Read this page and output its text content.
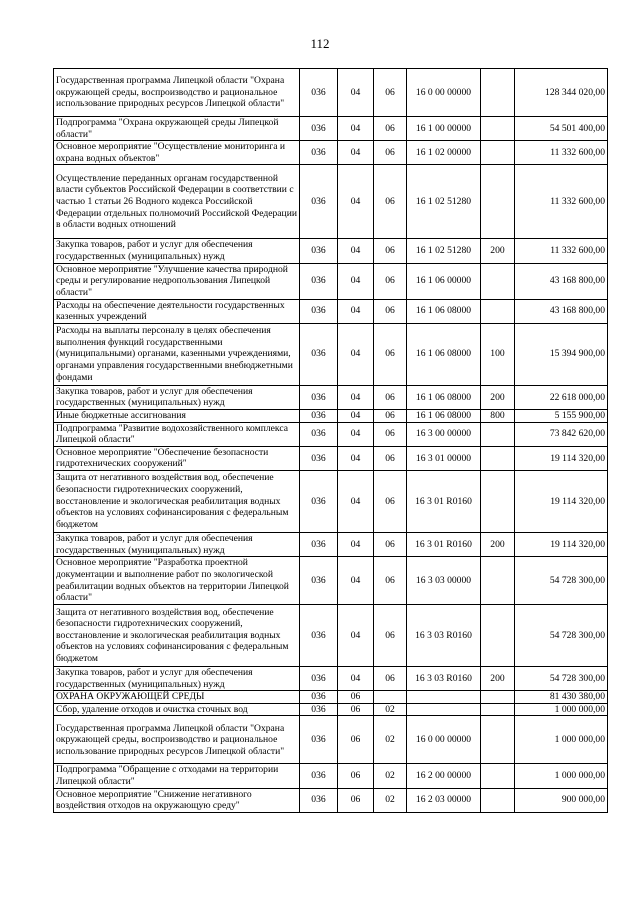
112
Государственная программа Липецкой области "Охрана окружающей среды, воспроизводство и рациональное использование природных ресурсов Липецкой области"	036	04	06	16 0 00 00000		128 344 020,00
Подпрограмма "Охрана окружающей среды Липецкой области"	036	04	06	16 1 00 00000		54 501 400,00
Основное мероприятие "Осуществление мониторинга и охрана водных объектов"	036	04	06	16 1 02 00000		11 332 600,00
Осуществление переданных органам государственной власти субъектов Российской Федерации в соответствии с частью 1 статьи 26 Водного кодекса Российской Федерации отдельных полномочий Российской Федерации в области водных отношений	036	04	06	16 1 02 51280		11 332 600,00
Закупка товаров, работ и услуг для обеспечения государственных (муниципальных) нужд	036	04	06	16 1 02 51280	200	11 332 600,00
Основное мероприятие "Улучшение качества природной среды и регулирование недропользования Липецкой области"	036	04	06	16 1 06 00000		43 168 800,00
Расходы на обеспечение деятельности государственных казенных учреждений	036	04	06	16 1 06 08000		43 168 800,00
Расходы на выплаты персоналу в целях обеспечения выполнения функций государственными (муниципальными) органами, казенными учреждениями, органами управления государственными внебюджетными фондами	036	04	06	16 1 06 08000	100	15 394 900,00
Закупка товаров, работ и услуг для обеспечения государственных (муниципальных) нужд	036	04	06	16 1 06 08000	200	22 618 000,00
Иные бюджетные ассигнования	036	04	06	16 1 06 08000	800	5 155 900,00
Подпрограмма "Развитие водохозяйственного комплекса Липецкой области"	036	04	06	16 3 00 00000		73 842 620,00
Основное мероприятие "Обеспечение безопасности гидротехнических сооружений"	036	04	06	16 3 01 00000		19 114 320,00
Защита от негативного воздействия вод, обеспечение безопасности гидротехнических сооружений, восстановление и экологическая реабилитация водных объектов на условиях софинансирования с федеральным бюджетом	036	04	06	16 3 01 R0160		19 114 320,00
Закупка товаров, работ и услуг для обеспечения государственных (муниципальных) нужд	036	04	06	16 3 01 R0160	200	19 114 320,00
Основное мероприятие "Разработка проектной документации и выполнение работ по экологической реабилитации водных объектов на территории Липецкой области"	036	04	06	16 3 03 00000		54 728 300,00
Защита от негативного воздействия вод, обеспечение безопасности гидротехнических сооружений, восстановление и экологическая реабилитация водных объектов на условиях софинансирования с федеральным бюджетом	036	04	06	16 3 03 R0160		54 728 300,00
Закупка товаров, работ и услуг для обеспечения государственных (муниципальных) нужд	036	04	06	16 3 03 R0160	200	54 728 300,00
ОХРАНА ОКРУЖАЮЩЕЙ СРЕДЫ	036	06				81 430 380,00
Сбор, удаление отходов и очистка сточных вод	036	06	02			1 000 000,00
Государственная программа Липецкой области "Охрана окружающей среды, воспроизводство и рациональное использование природных ресурсов Липецкой области"	036	06	02	16 0 00 00000		1 000 000,00
Подпрограмма "Обращение с отходами на территории Липецкой области"	036	06	02	16 2 00 00000		1 000 000,00
Основное мероприятие "Снижение негативного воздействия отходов на окружающую среду"	036	06	02	16 2 03 00000		900 000,00
